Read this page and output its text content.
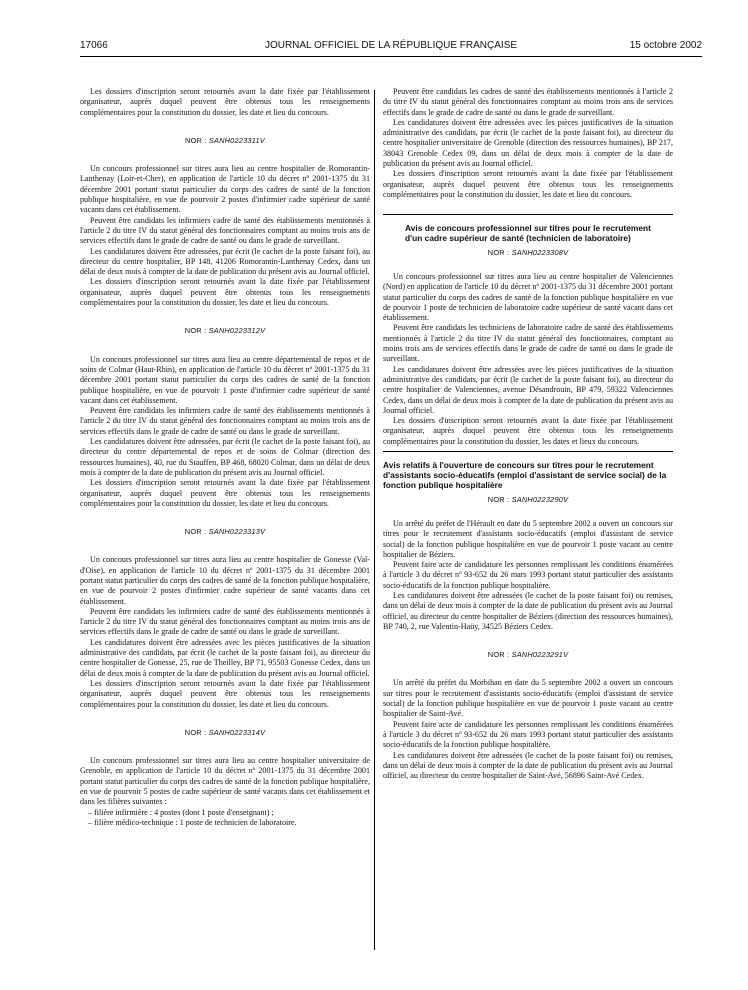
17066	JOURNAL OFFICIEL DE LA RÉPUBLIQUE FRANÇAISE	15 octobre 2002

Les dossiers d'inscription seront retournés avant la date fixée par l'établissement organisateur, auprès duquel peuvent être obtenus tous les renseignements complémentaires pour la constitution du dossier, les date et lieu du concours.

NOR : SANH0223311V

Un concours professionnel sur titres aura lieu au centre hospitalier de Romorantin-Lanthenay (Loir-et-Cher), en application de l'article 10 du décret nº 2001-1375 du 31 décembre 2001 portant statut particulier du corps des cadres de santé de la fonction publique hospitalière, en vue de pourvoir 2 postes d'infirmier cadre supérieur de santé vacants dans cet établissement.

Peuvent être candidats les infirmiers cadre de santé des établissements mentionnés à l'article 2 du titre IV du statut général des fonctionnaires comptant au moins trois ans de services effectifs dans le grade de cadre de santé ou dans le grade de surveillant.

Les candidatures doivent être adressées, par écrit (le cachet de la poste faisant foi), au directeur du centre hospitalier, BP 148, 41206 Romorantin-Lanthenay Cedex, dans un délai de deux mois à compter de la date de publication du présent avis au Journal officiel.

Les dossiers d'inscription seront retournés avant la date fixée par l'établissement organisateur, auprès duquel peuvent être obtenus tous les renseignements complémentaires pour la constitution du dossier, les date et lieu du concours.

NOR : SANH0223312V

Un concours professionnel sur titres aura lieu au centre départemental de repos et de soins de Colmar (Haut-Rhin), en application de l'article 10 du décret nº 2001-1375 du 31 décembre 2001 portant statut particulier du corps des cadres de santé de la fonction publique hospitalière, en vue de pourvoir 1 poste d'infirmier cadre supérieur de santé vacant dans cet établissement.

Peuvent être candidats les infirmiers cadre de santé des établissements mentionnés à l'article 2 du titre IV du statut général des fonctionnaires comptant au moins trois ans de services effectifs dans le grade de cadre de santé ou dans le grade de surveillant.

Les candidatures doivent être adressées, par écrit (le cachet de la poste faisant foi), au directeur du centre départemental de repos et de soins de Colmar (direction des ressources humaines), 40, rue du Stauffen, BP 468, 68020 Colmar, dans un délai de deux mois à compter de la date de publication du présent avis au Journal officiel.

Les dossiers d'inscription seront retournés avant la date fixée par l'établissement organisateur, auprès duquel peuvent être obtenus tous les renseignements complémentaires pour la constitution du dossier, les date et lieu du concours.

NOR : SANH0223313V

Un concours professionnel sur titres aura lieu au centre hospitalier de Gonesse (Val-d'Oise), en application de l'article 10 du décret nº 2001-1375 du 31 décembre 2001 portant statut particulier du corps des cadres de santé de la fonction publique hospitalière, en vue de pourvoir 2 postes d'infirmier cadre supérieur de santé vacants dans cet établissement.

Peuvent être candidats les infirmiers cadre de santé des établissements mentionnés à l'article 2 du titre IV du statut général des fonctionnaires comptant au moins trois ans de services effectifs dans le grade de cadre de santé ou dans le grade de surveillant.

Les candidatures doivent être adressées avec les pièces justificatives de la situation administrative des candidats, par écrit (le cachet de la poste faisant foi), au directeur du centre hospitalier de Gonesse, 25, rue de Theilley, BP 71, 95503 Gonesse Cedex, dans un délai de deux mois à compter de la date de publication du présent avis au Journal officiel.

Les dossiers d'inscription seront retournés avant la date fixée par l'établissement organisateur, auprès duquel peuvent être obtenus tous les renseignements complémentaires pour la constitution du dossier, les date et lieu du concours.

NOR : SANH0223314V

Un concours professionnel sur titres aura lieu au centre hospitalier universitaire de Grenoble, en application de l'article 10 du décret nº 2001-1375 du 31 décembre 2001 portant statut particulier du corps des cadres de santé de la fonction publique hospitalière, en vue de pourvoir 5 postes de cadre supérieur de santé vacants dans cet établissement et dans les filières suivantes :

– filière infirmière : 4 postes (dont 1 poste d'enseignant) ;

– filière médico-technique : 1 poste de technicien de laboratoire.

Peuvent être candidats les cadres de santé des établissements mentionnés à l'article 2 du titre IV du statut général des fonctionnaires comptant au moins trois ans de services effectifs dans le grade de cadre de santé ou dans le grade de surveillant.

Les candidatures doivent être adressées avec les pièces justificatives de la situation administrative des candidats, par écrit (le cachet de la poste faisant foi), au directeur du centre hospitalier universitaire de Grenoble (direction des ressources humaines), BP 217, 38043 Grenoble Cedex 09, dans un délai de deux mois à compter de la date de publication du présent avis au Journal officiel.

Les dossiers d'inscription seront retournés avant la date fixée par l'établissement organisateur, auprès duquel peuvent être obtenus tous les renseignements complémentaires pour la constitution du dossier, les date et lieu du concours.

Avis de concours professionnel sur titres pour le recrutement d'un cadre supérieur de santé (technicien de laboratoire)
NOR : SANH0223308V

Un concours professionnel sur titres aura lieu au centre hospitalier de Valenciennes (Nord) en application de l'article 10 du décret nº 2001-1375 du 31 décembre 2001 portant statut particulier du corps des cadres de santé de la fonction publique hospitalière en vue de pourvoir 1 poste de technicien de laboratoire cadre supérieur de santé vacant dans cet établissement.

Peuvent être candidats les techniciens de laboratoire cadre de santé des établissements mentionnés à l'article 2 du titre IV du statut général des fonctionnaires, comptant au moins trois ans de services effectifs dans le grade de cadre de santé ou dans le grade de surveillant.

Les candidatures doivent être adressées avec les pièces justificatives de la situation administrative des candidats, par écrit (le cachet de la poste faisant foi), au directeur du centre hospitalier de Valenciennes, avenue Désandrouin, BP 479, 59322 Valenciennes Cedex, dans un délai de deux mois à compter de la date de publication du présent avis au Journal officiel.

Les dossiers d'inscription seront retournés avant la date fixée par l'établissement organisateur, auprès duquel peuvent être obtenus tous les renseignements complémentaires pour la constitution du dossier, les dates et lieux du concours.

Avis relatifs à l'ouverture de concours sur titres pour le recrutement d'assistants socio-éducatifs (emploi d'assistant de service social) de la fonction publique hospitalière
NOR : SANH0223290V

Un arrêté du préfet de l'Hérault en date du 5 septembre 2002 a ouvert un concours sur titres pour le recrutement d'assistants socio-éducatifs (emploi d'assistant de service social) de la fonction publique hospitalière en vue de pourvoir 1 poste vacant au centre hospitalier de Béziers.

Peuvent faire acte de candidature les personnes remplissant les conditions énumérées à l'article 3 du décret nº 93-652 du 26 mars 1993 portant statut particulier des assistants socio-éducatifs de la fonction publique hospitalière.

Les candidatures doivent être adressées (le cachet de la poste faisant foi) ou remises, dans un délai de deux mois à compter de la date de publication du présent avis au Journal officiel, au directeur du centre hospitalier de Béziers (direction des ressources humaines), BP 740, 2, rue Valentin-Haüy, 34525 Béziers Cedex.

NOR : SANH0223291V

Un arrêté du préfet du Morbihan en date du 5 septembre 2002 a ouvert un concours sur titres pour le recrutement d'assistants socio-éducatifs (emploi d'assistant de service social) de la fonction publique hospitalière en vue de pourvoir 1 poste vacant au centre hospitalier de Saint-Avé.

Peuvent faire acte de candidature les personnes remplissant les conditions énumérées à l'article 3 du décret nº 93-652 du 26 mars 1993 portant statut particulier des assistants socio-éducatifs de la fonction publique hospitalière.

Les candidatures doivent être adressées (le cachet de la poste faisant foi) ou remises, dans un délai de deux mois à compter de la date de publication du présent avis au Journal officiel, au directeur du centre hospitalier de Saint-Avé, 56896 Saint-Avé Cedex.
